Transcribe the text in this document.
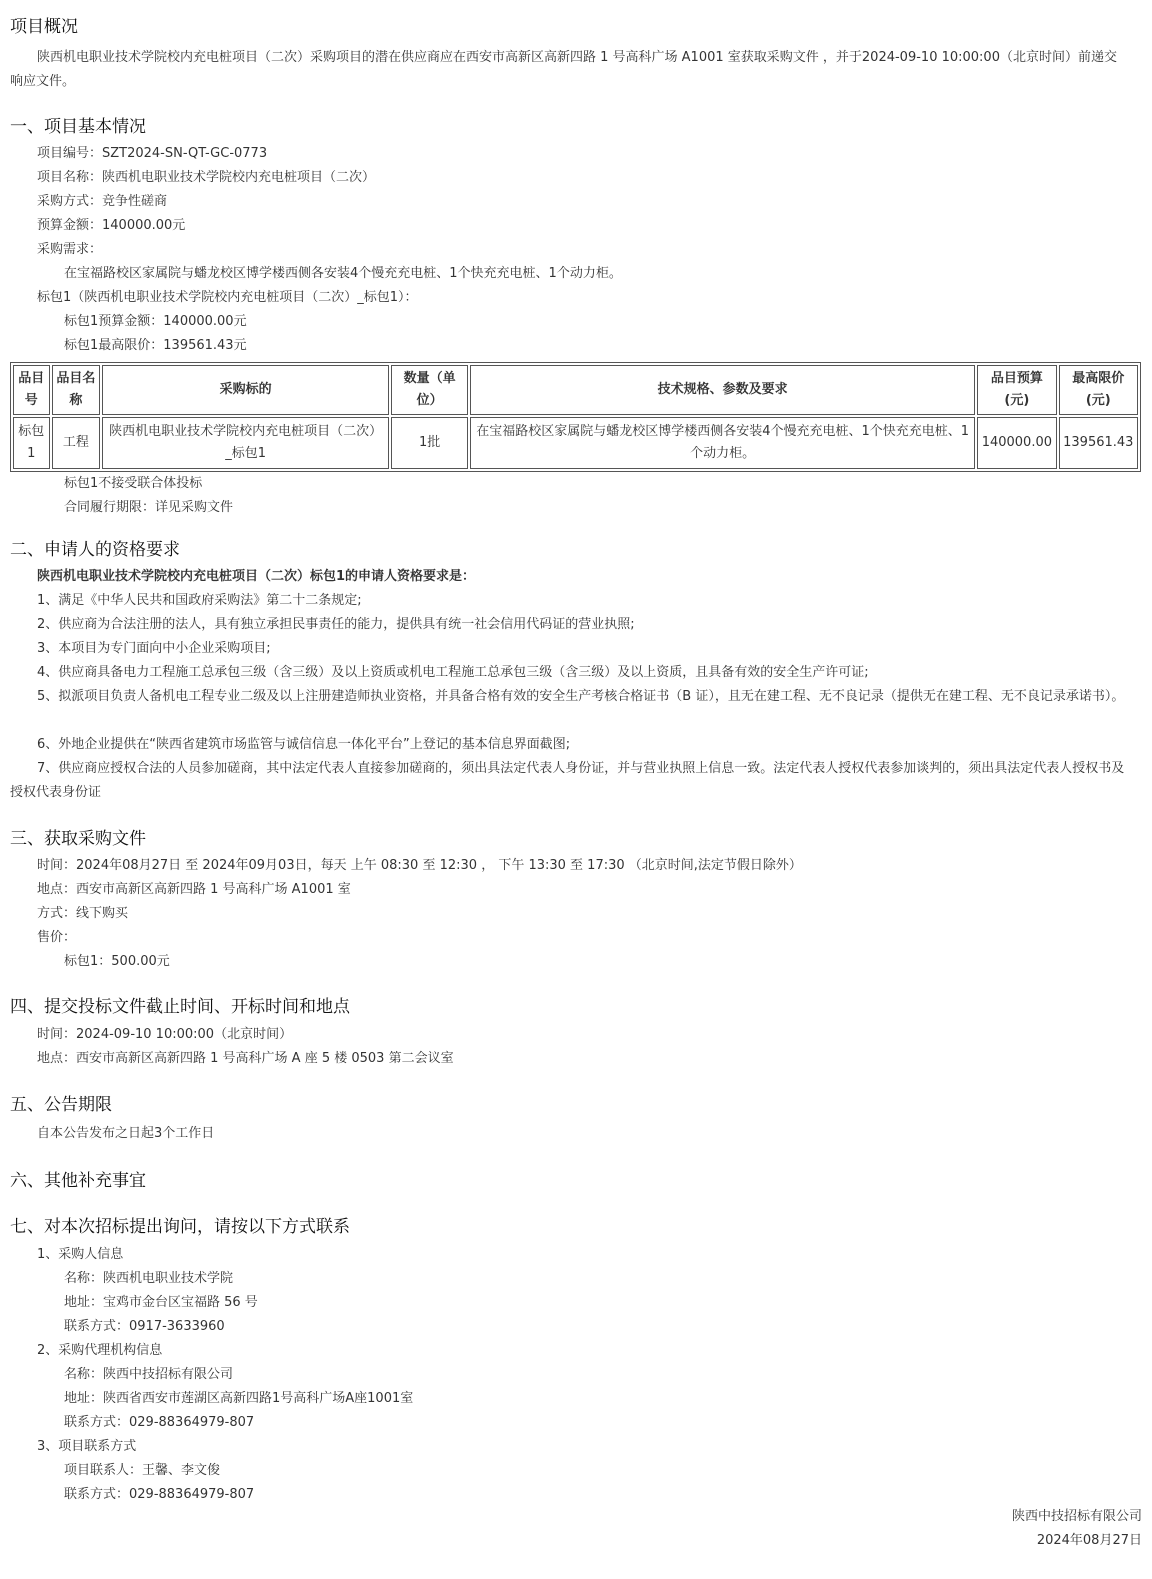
项目概况
陕西机电职业技术学院校内充电桩项目（二次）采购项目的潜在供应商应在西安市高新区高新四路 1 号高科广场 A1001 室获取采购文件 ，并于2024-09-10 10:00:00（北京时间）前递交响应文件。
一、项目基本情况
项目编号：SZT2024-SN-QT-GC-0773
项目名称：陕西机电职业技术学院校内充电桩项目（二次）
采购方式：竞争性磋商
预算金额：140000.00元
采购需求：
在宝福路校区家属院与蟠龙校区博学楼西侧各安装4个慢充充电桩、1个快充充电桩、1个动力柜。
标包1（陕西机电职业技术学院校内充电桩项目（二次）_标包1）：
标包1预算金额：140000.00元
标包1最高限价：139561.43元
品目号	品目名称	采购标的	数量（单位）	技术规格、参数及要求	品目预算(元)	最高限价(元)
标包1	工程	陕西机电职业技术学院校内充电桩项目（二次）_标包1	1批	在宝福路校区家属院与蟠龙校区博学楼西侧各安装4个慢充充电桩、1个快充充电桩、1个动力柜。	140000.00	139561.43
标包1不接受联合体投标
合同履行期限：详见采购文件
二、申请人的资格要求
陕西机电职业技术学院校内充电桩项目（二次）标包1的申请人资格要求是：
1、满足《中华人民共和国政府采购法》第二十二条规定;
2、供应商为合法注册的法人，具有独立承担民事责任的能力，提供具有统一社会信用代码证的营业执照;
3、本项目为专门面向中小企业采购项目;
4、供应商具备电力工程施工总承包三级（含三级）及以上资质或机电工程施工总承包三级（含三级）及以上资质，且具备有效的安全生产许可证;
5、拟派项目负责人备机电工程专业二级及以上注册建造师执业资格，并具备合格有效的安全生产考核合格证书（B 证），且无在建工程、无不良记录（提供无在建工程、无不良记录承诺书）。
6、外地企业提供在“陕西省建筑市场监管与诚信信息一体化平台”上登记的基本信息界面截图;
7、供应商应授权合法的人员参加磋商，其中法定代表人直接参加磋商的，须出具法定代表人身份证，并与营业执照上信息一致。法定代表人授权代表参加谈判的，须出具法定代表人授权书及授权代表身份证
三、获取采购文件
时间：2024年08月27日 至 2024年09月03日，每天 上午 08:30 至 12:30 ， 下午 13:30 至 17:30 （北京时间,法定节假日除外）
地点：西安市高新区高新四路 1 号高科广场 A1001 室
方式：线下购买
售价：
标包1：500.00元
四、提交投标文件截止时间、开标时间和地点
时间：2024-09-10 10:00:00（北京时间）
地点：西安市高新区高新四路 1 号高科广场 A 座 5 楼 0503 第二会议室
五、公告期限
自本公告发布之日起3个工作日
六、其他补充事宜
七、对本次招标提出询问，请按以下方式联系
1、采购人信息
名称：陕西机电职业技术学院
地址：宝鸡市金台区宝福路 56 号
联系方式：0917-3633960
2、采购代理机构信息
名称：陕西中技招标有限公司
地址：陕西省西安市莲湖区高新四路1号高科广场A座1001室
联系方式：029-88364979-807
3、项目联系方式
项目联系人：王馨、李文俊
联系方式：029-88364979-807
陕西中技招标有限公司
2024年08月27日
